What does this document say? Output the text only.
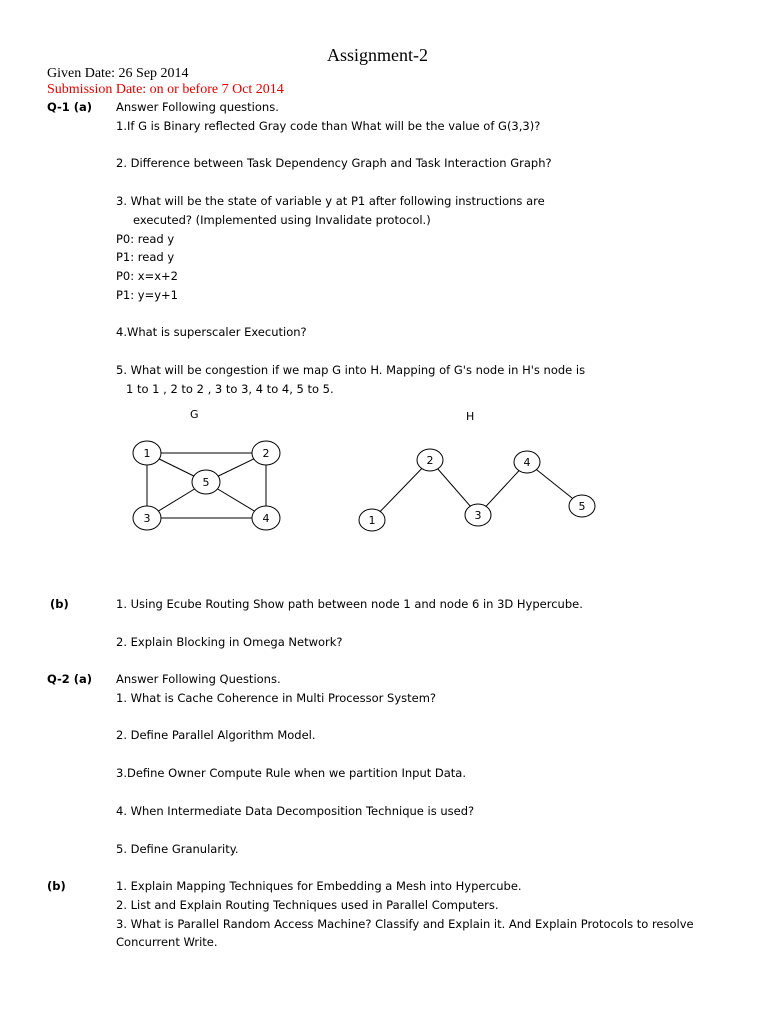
Assignment-2
Given Date: 26 Sep 2014
Submission Date: on or before 7 Oct 2014
Q-1 (a) Answer Following questions.
1.If G is Binary reflected Gray code than What will be the value of G(3,3)?
2. Difference between Task Dependency Graph and Task Interaction Graph?
3. What will be the state of variable y at P1 after following instructions are
executed? (Implemented using Invalidate protocol.)
P0: read y
P1: read y
P0: x=x+2
P1: y=y+1
4.What is superscaler Execution?
5. What will be congestion if we map G into H. Mapping of G's node in H's node is
1 to 1 , 2 to 2 , 3 to 3, 4 to 4, 5 to 5.
G
1	2
3	4
5
H
1
2
3
4
5
(b)	1. Using Ecube Routing Show path between node 1 and node 6 in 3D Hypercube.
2. Explain Blocking in Omega Network?
Q-2 (a) Answer Following Questions.
1. What is Cache Coherence in Multi Processor System?
2. Define Parallel Algorithm Model.
3.Define Owner Compute Rule when we partition Input Data.
4. When Intermediate Data Decomposition Technique is used?
5. Define Granularity.
(b)	1. Explain Mapping Techniques for Embedding a Mesh into Hypercube.
2. List and Explain Routing Techniques used in Parallel Computers.
3. What is Parallel Random Access Machine? Classify and Explain it. And Explain Protocols to resolve
Concurrent Write.
